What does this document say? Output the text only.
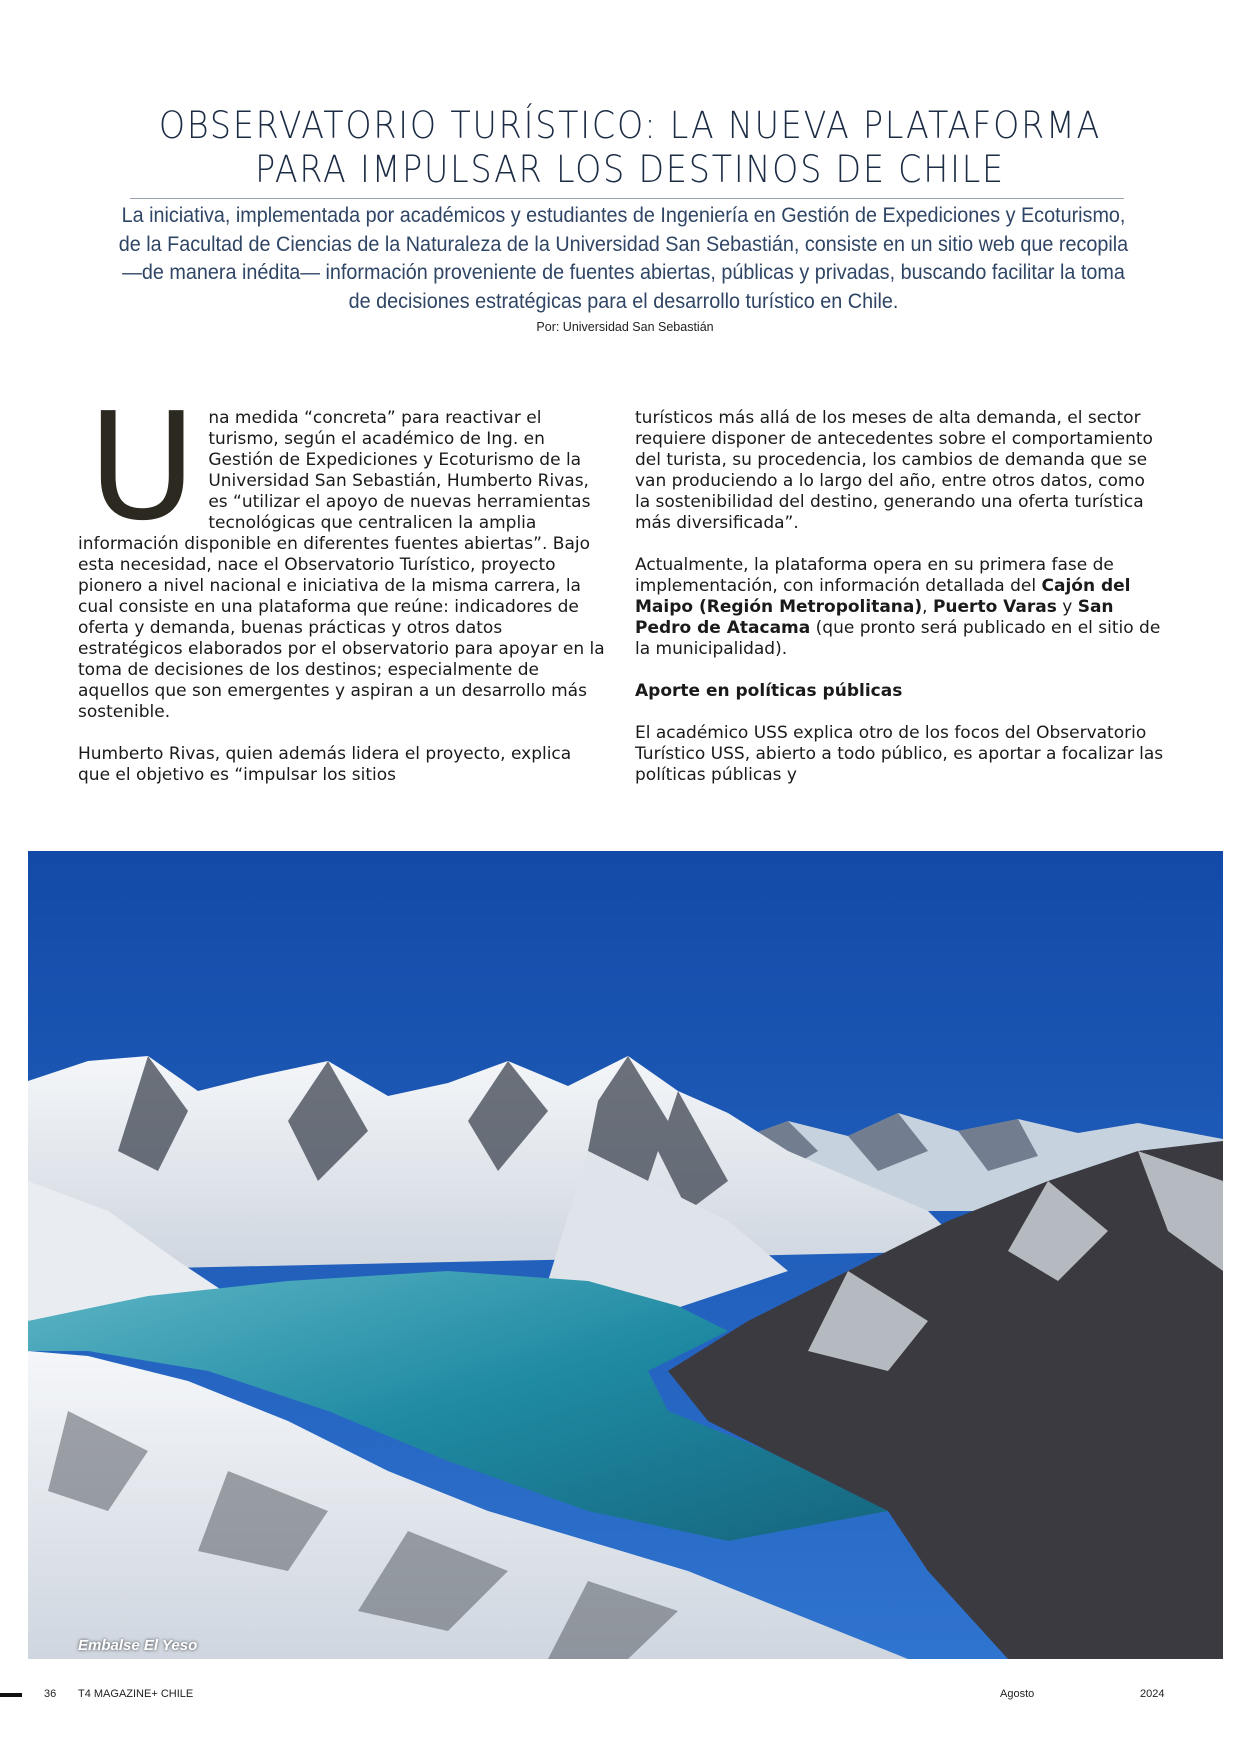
OBSERVATORIO TURÍSTICO: LA NUEVA PLATAFORMA
PARA IMPULSAR LOS DESTINOS DE CHILE
La iniciativa, implementada por académicos y estudiantes de Ingeniería en Gestión de Expediciones y Ecoturismo, de la Facultad de Ciencias de la Naturaleza de la Universidad San Sebastián, consiste en un sitio web que recopila —de manera inédita— información proveniente de fuentes abiertas, públicas y privadas, buscando facilitar la toma de decisiones estratégicas para el desarrollo turístico en Chile.
Por: Universidad San Sebastián

Una medida “concreta” para reactivar el turismo, según el académico de Ing. en Gestión de Expediciones y Ecoturismo de la Universidad San Sebastián, Humberto Rivas, es “utilizar el apoyo de nuevas herramientas tecnológicas que centralicen la amplia información disponible en diferentes fuentes abiertas”. Bajo esta necesidad, nace el Observatorio Turístico, proyecto pionero a nivel nacional e iniciativa de la misma carrera, la cual consiste en una plataforma que reúne: indicadores de oferta y demanda, buenas prácticas y otros datos estratégicos elaborados por el observatorio para apoyar en la toma de decisiones de los destinos; especialmente de aquellos que son emergentes y aspiran a un desarrollo más sostenible.

Humberto Rivas, quien además lidera el proyecto, explica que el objetivo es “impulsar los sitios

turísticos más allá de los meses de alta demanda, el sector requiere disponer de antecedentes sobre el comportamiento del turista, su procedencia, los cambios de demanda que se van produciendo a lo largo del año, entre otros datos, como la sostenibilidad del destino, generando una oferta turística más diversificada”.

Actualmente, la plataforma opera en su primera fase de implementación, con información detallada del Cajón del Maipo (Región Metropolitana), Puerto Varas y San Pedro de Atacama (que pronto será publicado en el sitio de la municipalidad).

Aporte en políticas públicas

El académico USS explica otro de los focos del Observatorio Turístico USS, abierto a todo público, es aportar a focalizar las políticas públicas y

Embalse El Yeso
36 T4 MAGAZINE+ CHILE	Agosto	2024
